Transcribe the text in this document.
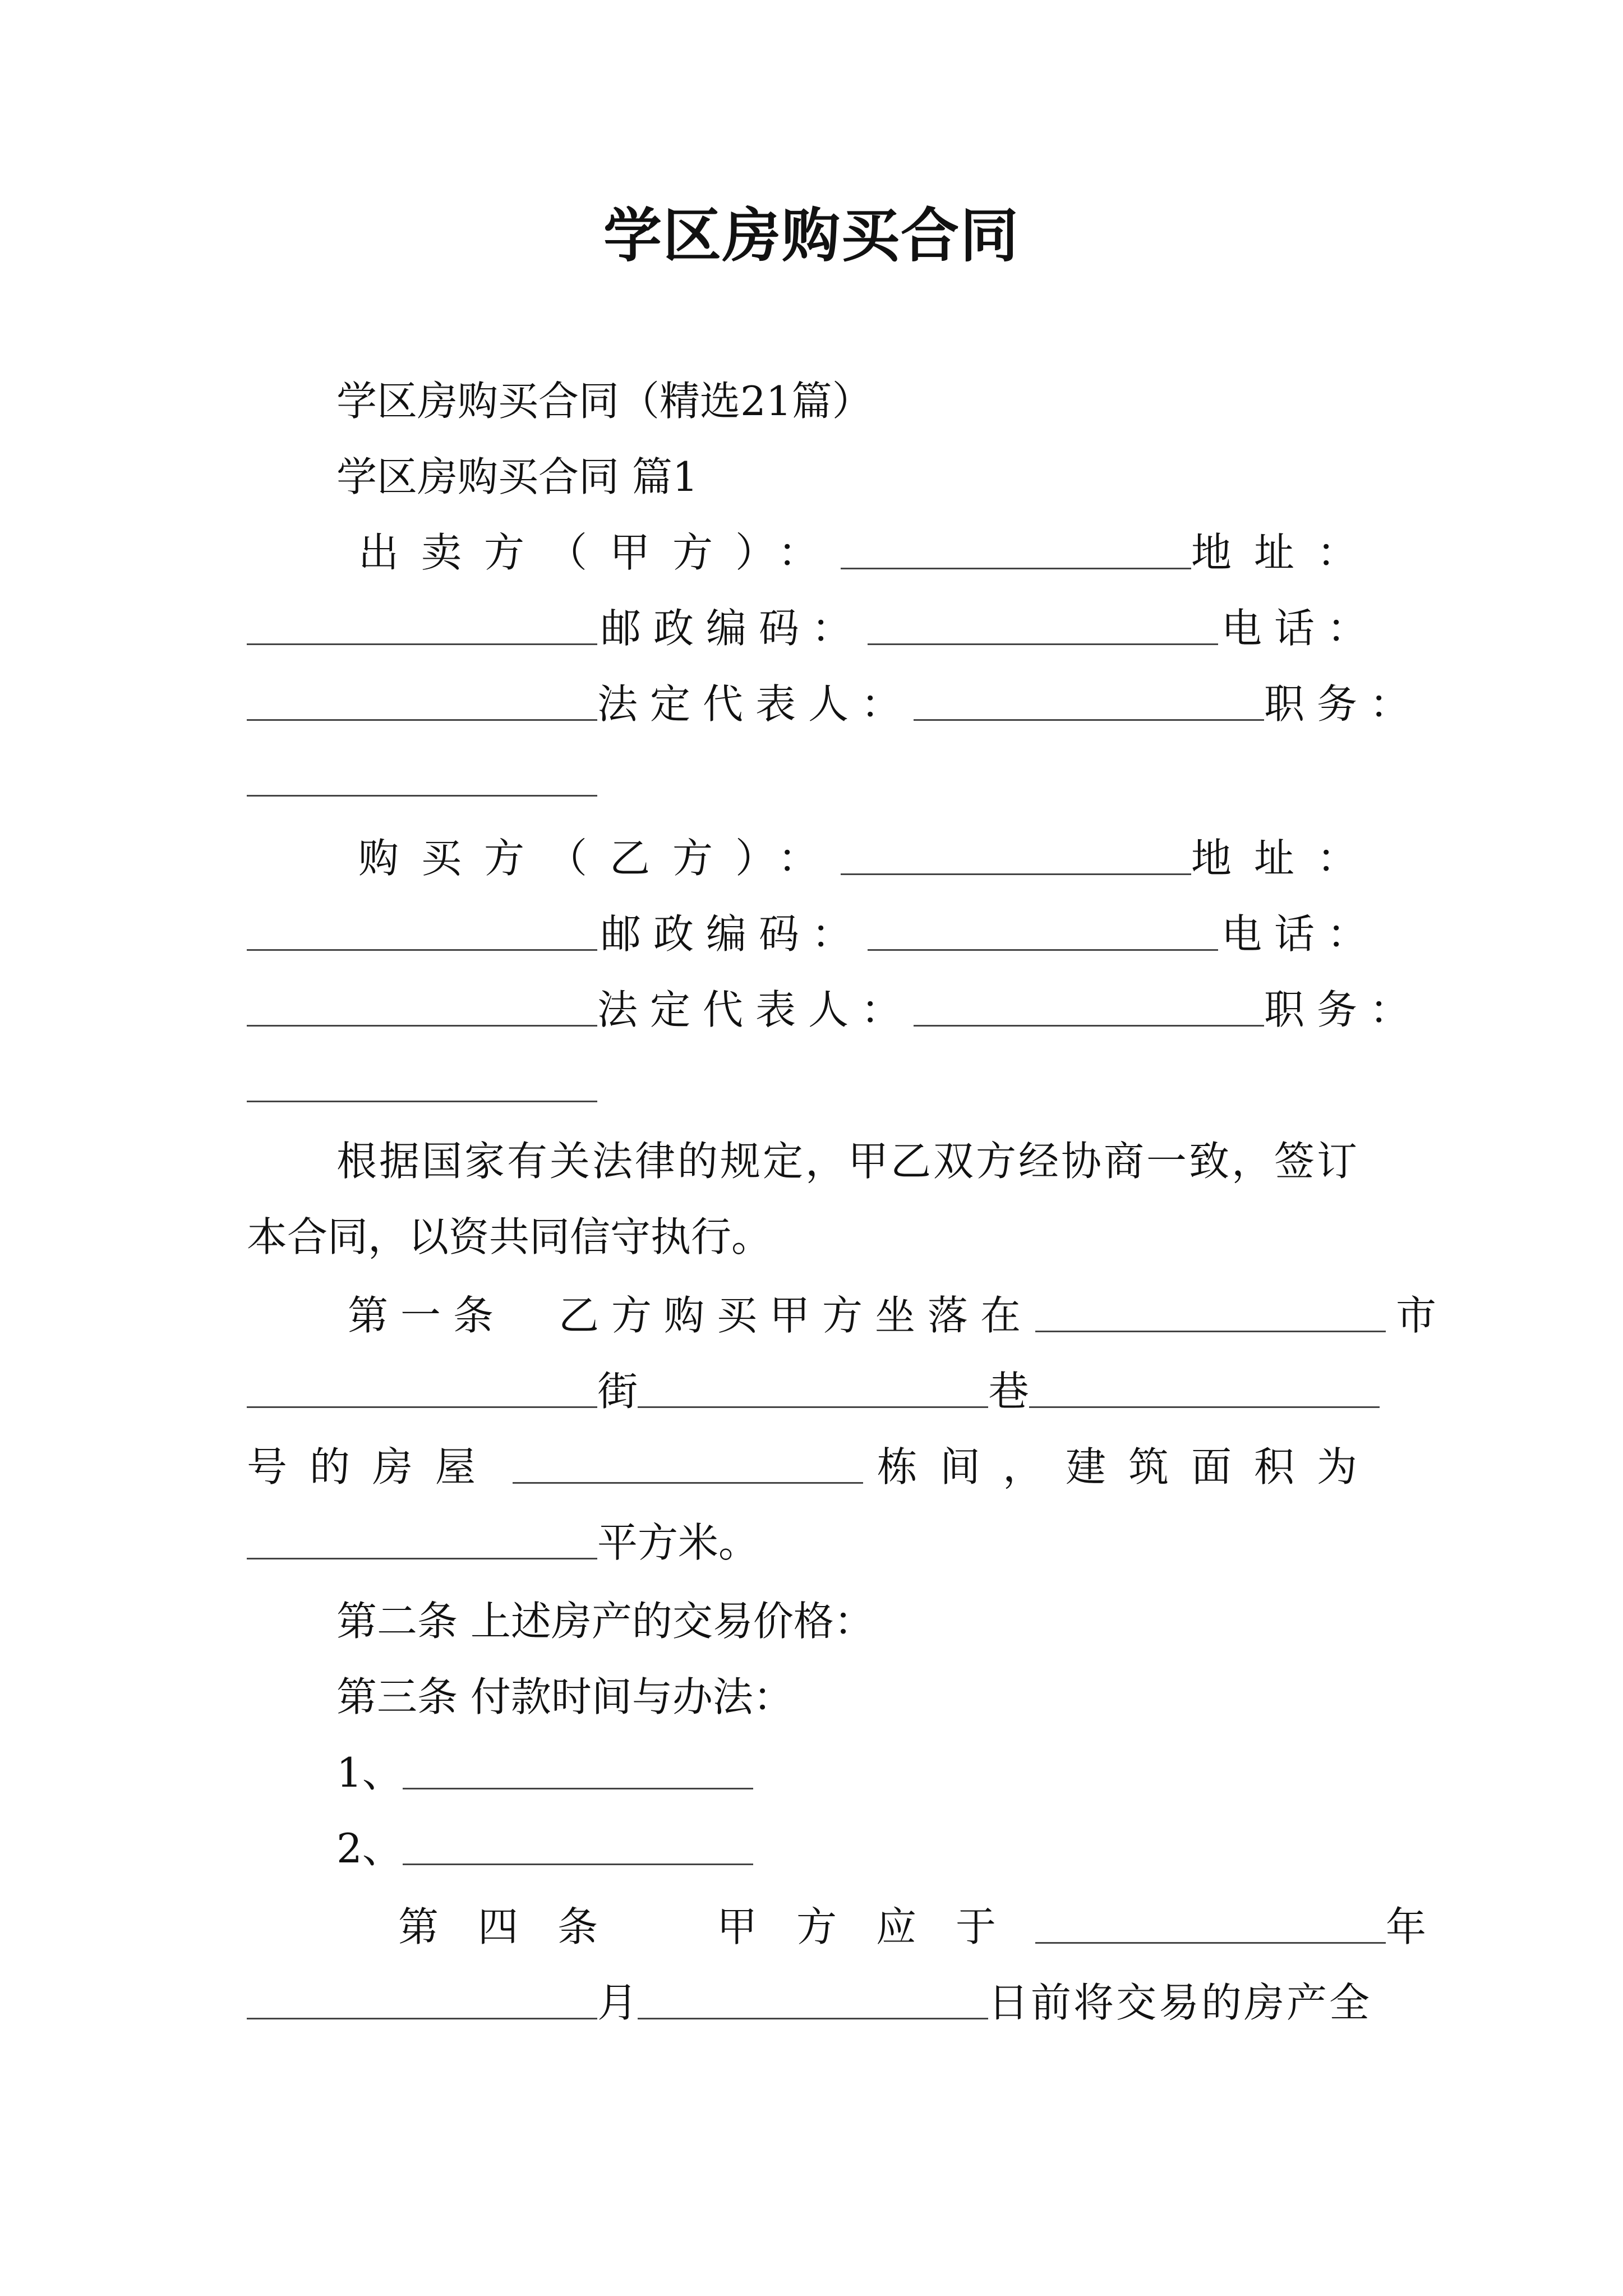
学区房购买合同
学区房购买合同（精选21篇）
学区房购买合同 篇1
出卖方（甲方）：	地址：
邮政编码：	电话：
法定代表人：	职务：
购买方（乙方）：	地址：
邮政编码：	电话：
法定代表人：	职务：
根据国家有关法律的规定，甲乙双方经协商一致，签订
本合同，以资共同信守执行。
第一条　乙方购买甲方坐落在	市
街	巷
号的房屋	栋间，建筑面积为
平方米。
第二条 上述房产的交易价格：
第三条 付款时间与办法：
1、
2、
第四条　甲方应于	年
月	日前将交易的房产全
